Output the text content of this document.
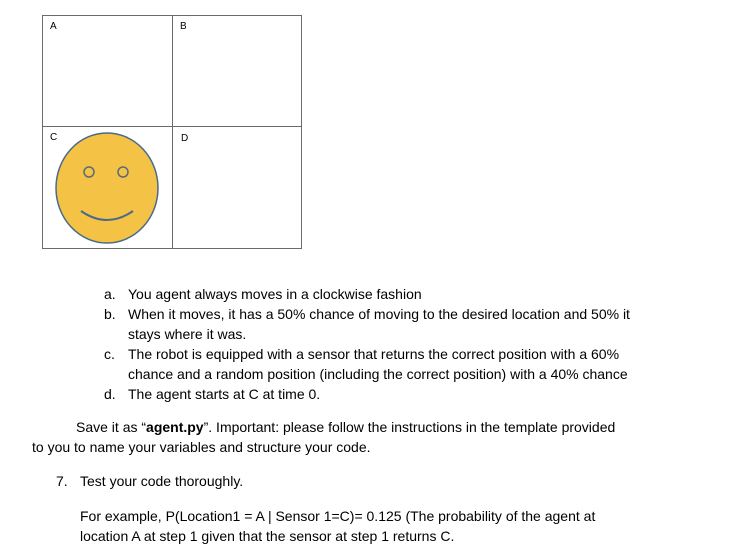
A	B
C	D
a. You agent always moves in a clockwise fashion
b. When it moves, it has a 50% chance of moving to the desired location and 50% it
stays where it was.
c. The robot is equipped with a sensor that returns the correct position with a 60%
chance and a random position (including the correct position) with a 40% chance
d. The agent starts at C at time 0.
Save it as “agent.py”. Important: please follow the instructions in the template provided
to you to name your variables and structure your code.
7. Test your code thoroughly.
For example, P(Location1 = A | Sensor 1=C)= 0.125 (The probability of the agent at
location A at step 1 given that the sensor at step 1 returns C.
